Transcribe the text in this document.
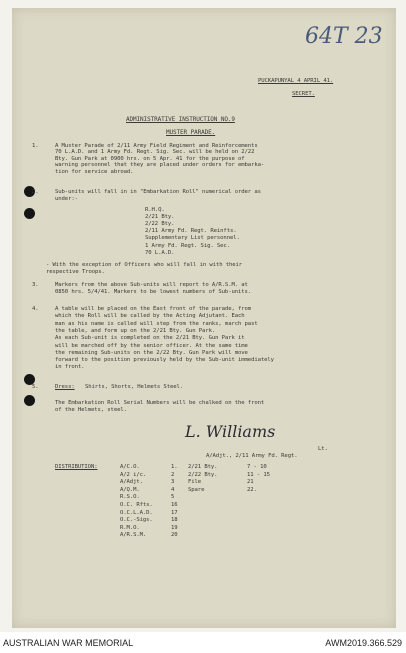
64T 23
PUCKAPUNYAL 4 APRIL 41.
SECRET.
ADMINISTRATIVE INSTRUCTION NO.9
MUSTER PARADE.
1.
2.
3.
4.
5.	Dress: Shirts, Shorts, Helmets Steel.
L. Williams
Lt.
A/Adjt., 2/11 Army Fd. Regt.
DISTRIBUTION:
AUSTRALIAN WAR MEMORIAL	AWM2019.366.529
A Muster Parade of 2/11 Army Field Regiment and Reinforcements
70 L.A.D. and 1 Army Fd. Regt. Sig. Sec. will be held on 2/22
Bty. Gun Park at 0900 hrs. on 5 Apr. 41 for the purpose of
warning personnel that they are placed under orders for embarka-
tion for service abroad.
Sub-units will fall in in "Embarkation Roll" numerical order as
under:-
R.H.Q.
2/21 Bty.
2/22 Bty.
2/11 Army Fd. Regt. Reinfts.
Supplementary List personnel.
1 Army Fd. Regt. Sig. Sec.
70 L.A.D.
- With the exception of Officers who will fall in with their
respective Troops.
Markers from the above Sub-units will report to A/R.S.M. at
0850 hrs. 5/4/41. Markers to be lowest numbers of Sub-units.
A table will be placed on the East front of the parade, from
which the Roll will be called by the Acting Adjutant. Each
man as his name is called will step from the ranks, march past
the table, and form up on the 2/21 Bty. Gun Park.
As each Sub-unit is completed on the 2/21 Bty. Gun Park it
will be marched off by the senior officer. At the same time
the remaining Sub-units on the 2/22 Bty. Gun Park will move
forward to the position previously held by the Sub-unit immediately
in front.
The Embarkation Roll Serial Numbers will be chalked on the front
of the Helmets, steel.
A/C.O.	1.
A/2 i/c.	2
A/Adjt.	3
A/Q.M.	4
R.S.O.	5
O.C. Rfts.	16
O.C.L.A.D.	17
O.C.-Sigs.	18
R.M.O.	19
A/R.S.M.	20
2/21 Bty.	7 - 10
2/22 Bty.	11 - 15
File	21
Spare	22.
